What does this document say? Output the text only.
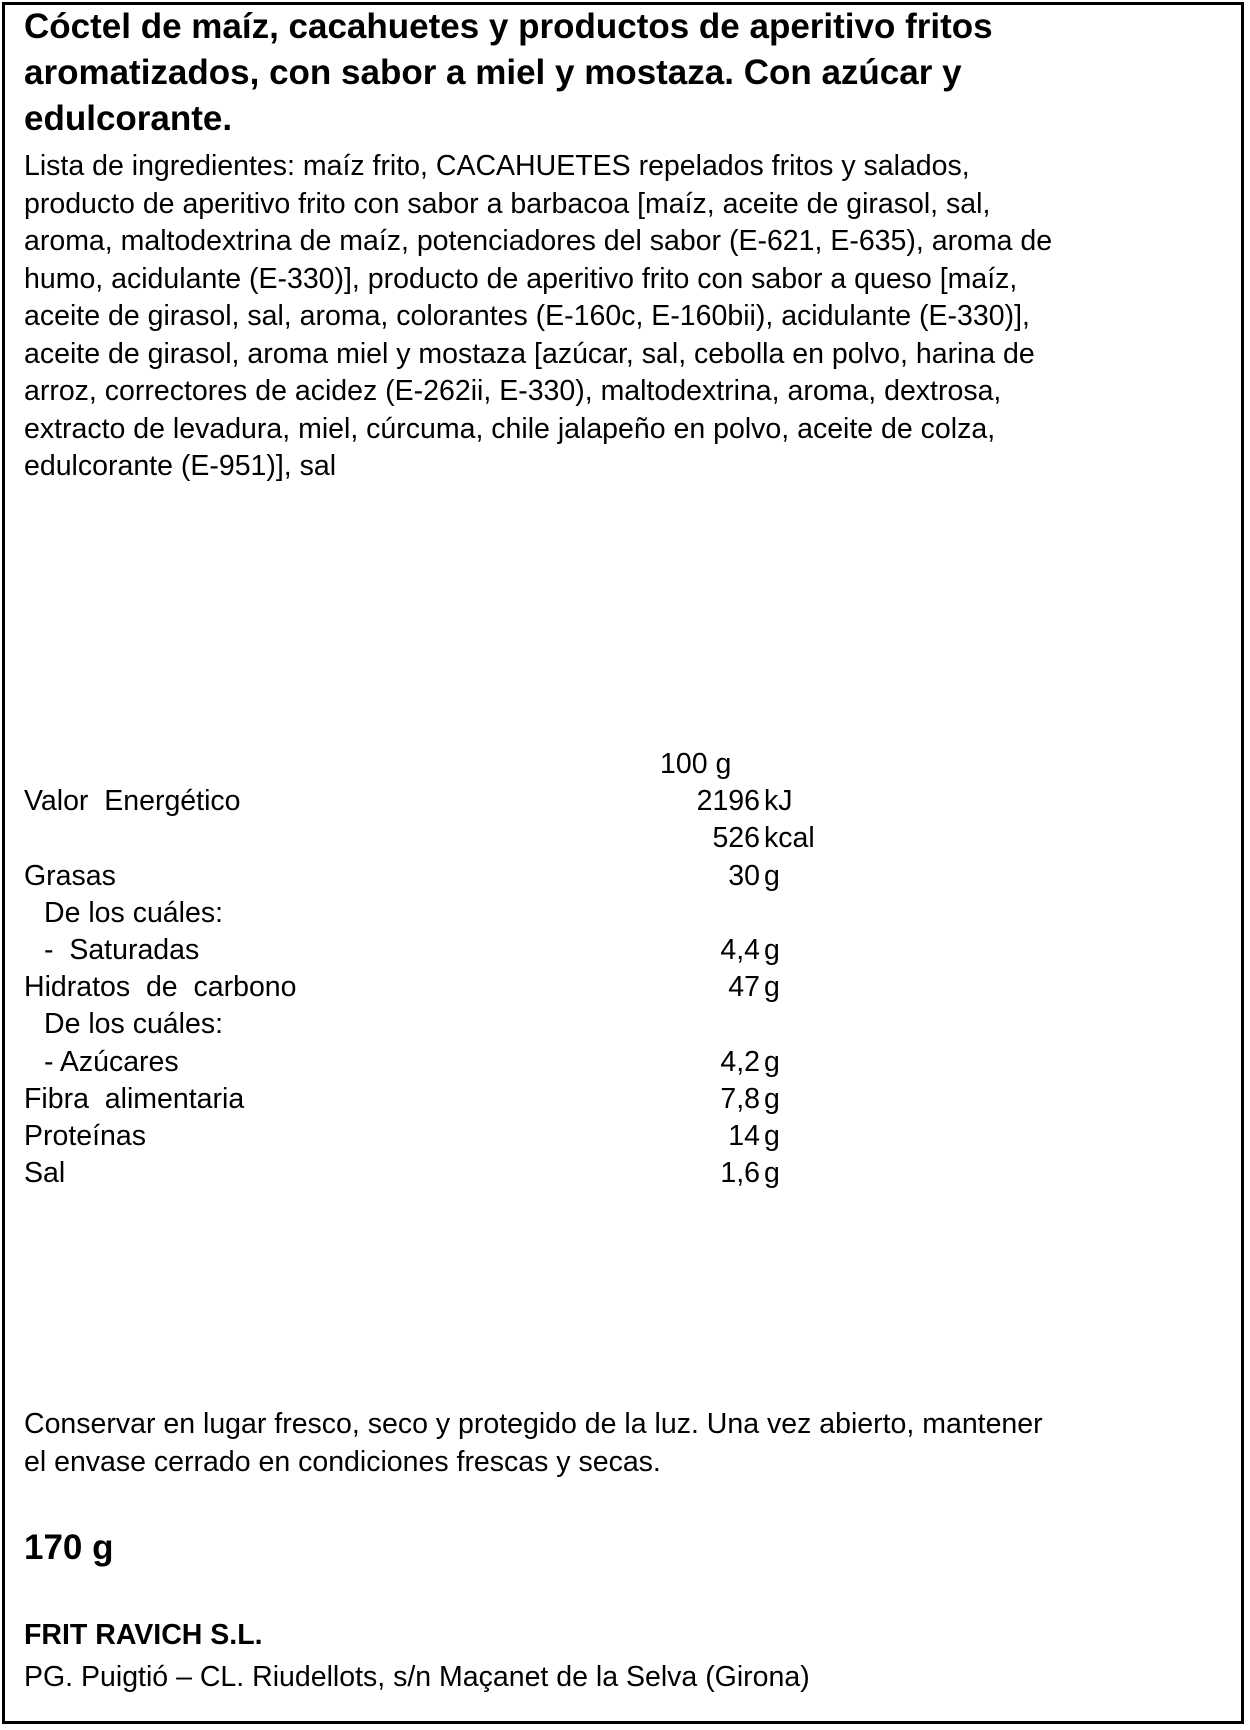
Cóctel de maíz, cacahuetes y productos de aperitivo fritos
aromatizados, con sabor a miel y mostaza. Con azúcar y
edulcorante.
Lista de ingredientes: maíz frito, CACAHUETES repelados fritos y salados,
producto de aperitivo frito con sabor a barbacoa [maíz, aceite de girasol, sal,
aroma, maltodextrina de maíz, potenciadores del sabor (E-621, E-635), aroma de
humo, acidulante (E-330)], producto de aperitivo frito con sabor a queso [maíz,
aceite de girasol, sal, aroma, colorantes (E-160c, E-160bii), acidulante (E-330)],
aceite de girasol, aroma miel y mostaza [azúcar, sal, cebolla en polvo, harina de
arroz, correctores de acidez (E-262ii, E-330), maltodextrina, aroma, dextrosa,
extracto de levadura, miel, cúrcuma, chile jalapeño en polvo, aceite de colza,
edulcorante (E-951)], sal
100 g
Valor  Energético	2196 kJ
526 kcal
Grasas	30 g
De los cuáles:
-  Saturadas	4,4 g
Hidratos  de  carbono	47 g
De los cuáles:
- Azúcares	4,2 g
Fibra  alimentaria	7,8 g
Proteínas	14 g
Sal	1,6 g
Conservar en lugar fresco, seco y protegido de la luz. Una vez abierto, mantener
el envase cerrado en condiciones frescas y secas.
170 g
FRIT RAVICH S.L.
PG. Puigtió – CL. Riudellots, s/n Maçanet de la Selva (Girona)
